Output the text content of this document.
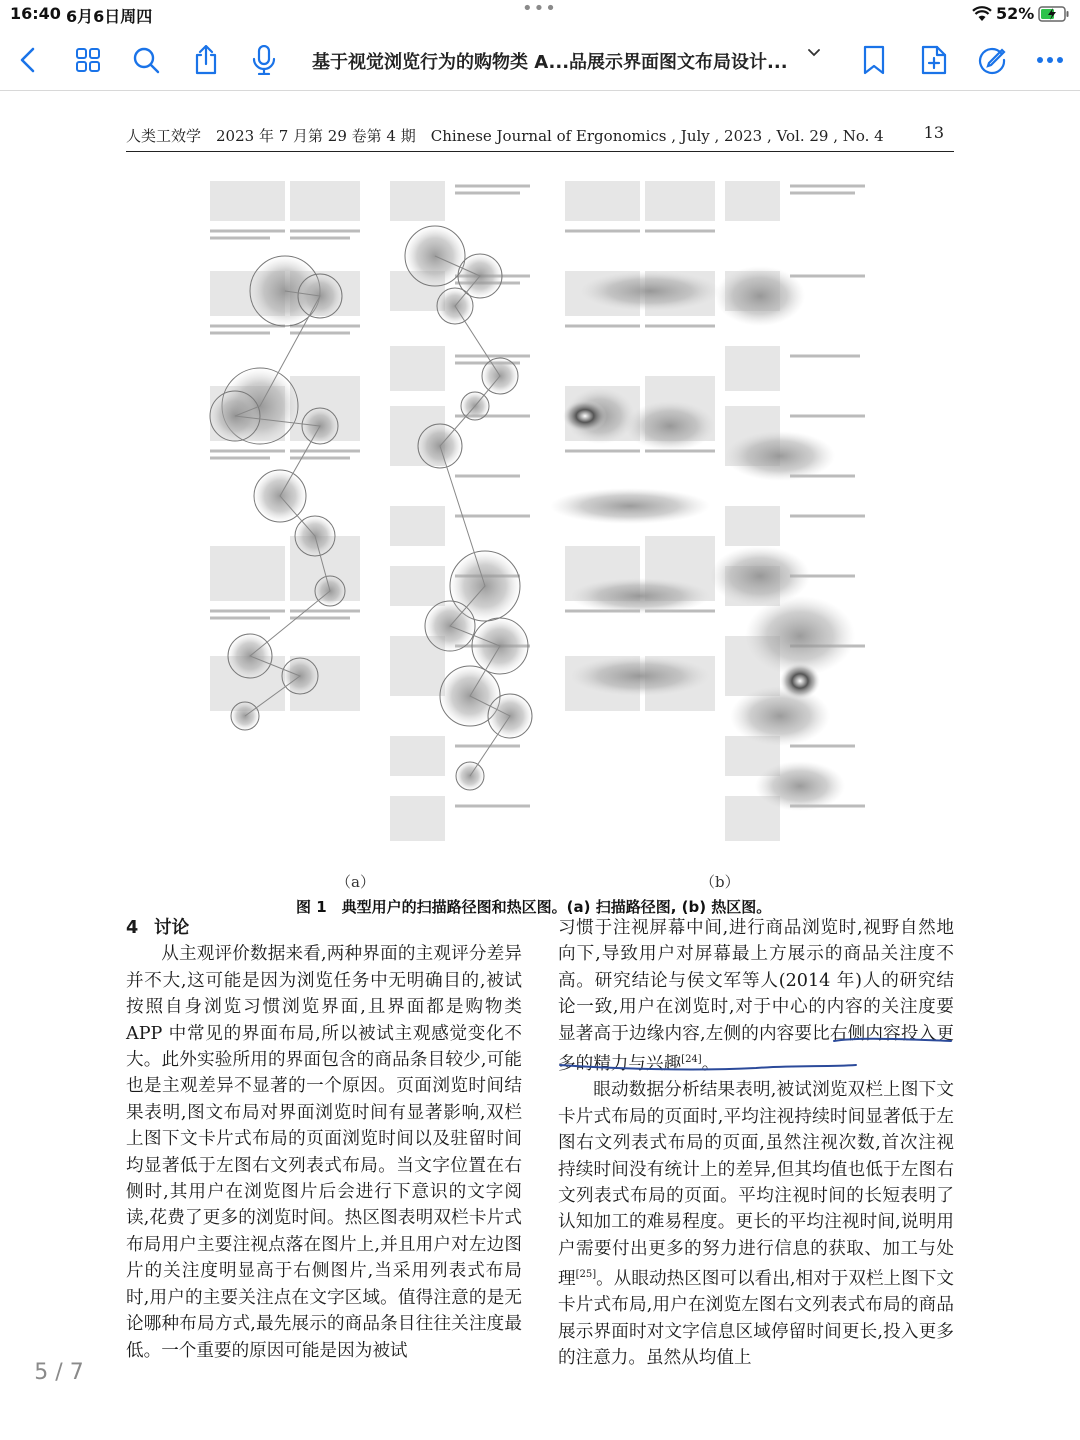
16:40 6月6日周四	•••	52%
基于视觉浏览行为的购物类 A...品展示界面图文布局设计...
人类工效学　2023 年 7 月第 29 卷第 4 期　Chinese Journal of Ergonomics , July , 2023 , Vol. 29 , No. 4 13
（a）	（b）
图 1　典型用户的扫描路径图和热区图。(a) 扫描路径图, (b) 热区图。
4 讨论

从主观评价数据来看,两种界面的主观评分差异并不大,这可能是因为浏览任务中无明确目的,被试按照自身浏览习惯浏览界面,且界面都是购物类 APP 中常见的界面布局,所以被试主观感觉变化不大。此外实验所用的界面包含的商品条目较少,可能也是主观差异不显著的一个原因。页面浏览时间结果表明,图文布局对界面浏览时间有显著影响,双栏上图下文卡片式布局的页面浏览时间以及驻留时间均显著低于左图右文列表式布局。当文字位置在右侧时,其用户在浏览图片后会进行下意识的文字阅读,花费了更多的浏览时间。热区图表明双栏卡片式布局用户主要注视点落在图片上,并且用户对左边图片的关注度明显高于右侧图片,当采用列表式布局时,用户的主要关注点在文字区域。值得注意的是无论哪种布局方式,最先展示的商品条目往往关注度最低。一个重要的原因可能是因为被试

习惯于注视屏幕中间,进行商品浏览时,视野自然地向下,导致用户对屏幕最上方展示的商品关注度不高。研究结论与侯文军等人(2014 年)人的研究结论一致,用户在浏览时,对于中心的内容的关注度要显著高于边缘内容,左侧的内容要比右侧内容投入更多的精力与兴趣[24]。

眼动数据分析结果表明,被试浏览双栏上图下文卡片式布局的页面时,平均注视持续时间显著低于左图右文列表式布局的页面,虽然注视次数,首次注视持续时间没有统计上的差异,但其均值也低于左图右文列表式布局的页面。平均注视时间的长短表明了认知加工的难易程度。更长的平均注视时间,说明用户需要付出更多的努力进行信息的获取、加工与处理[25]。从眼动热区图可以看出,相对于双栏上图下文卡片式布局,用户在浏览左图右文列表式布局的商品展示界面时对文字信息区域停留时间更长,投入更多的注意力。虽然从均值上

5 / 7
